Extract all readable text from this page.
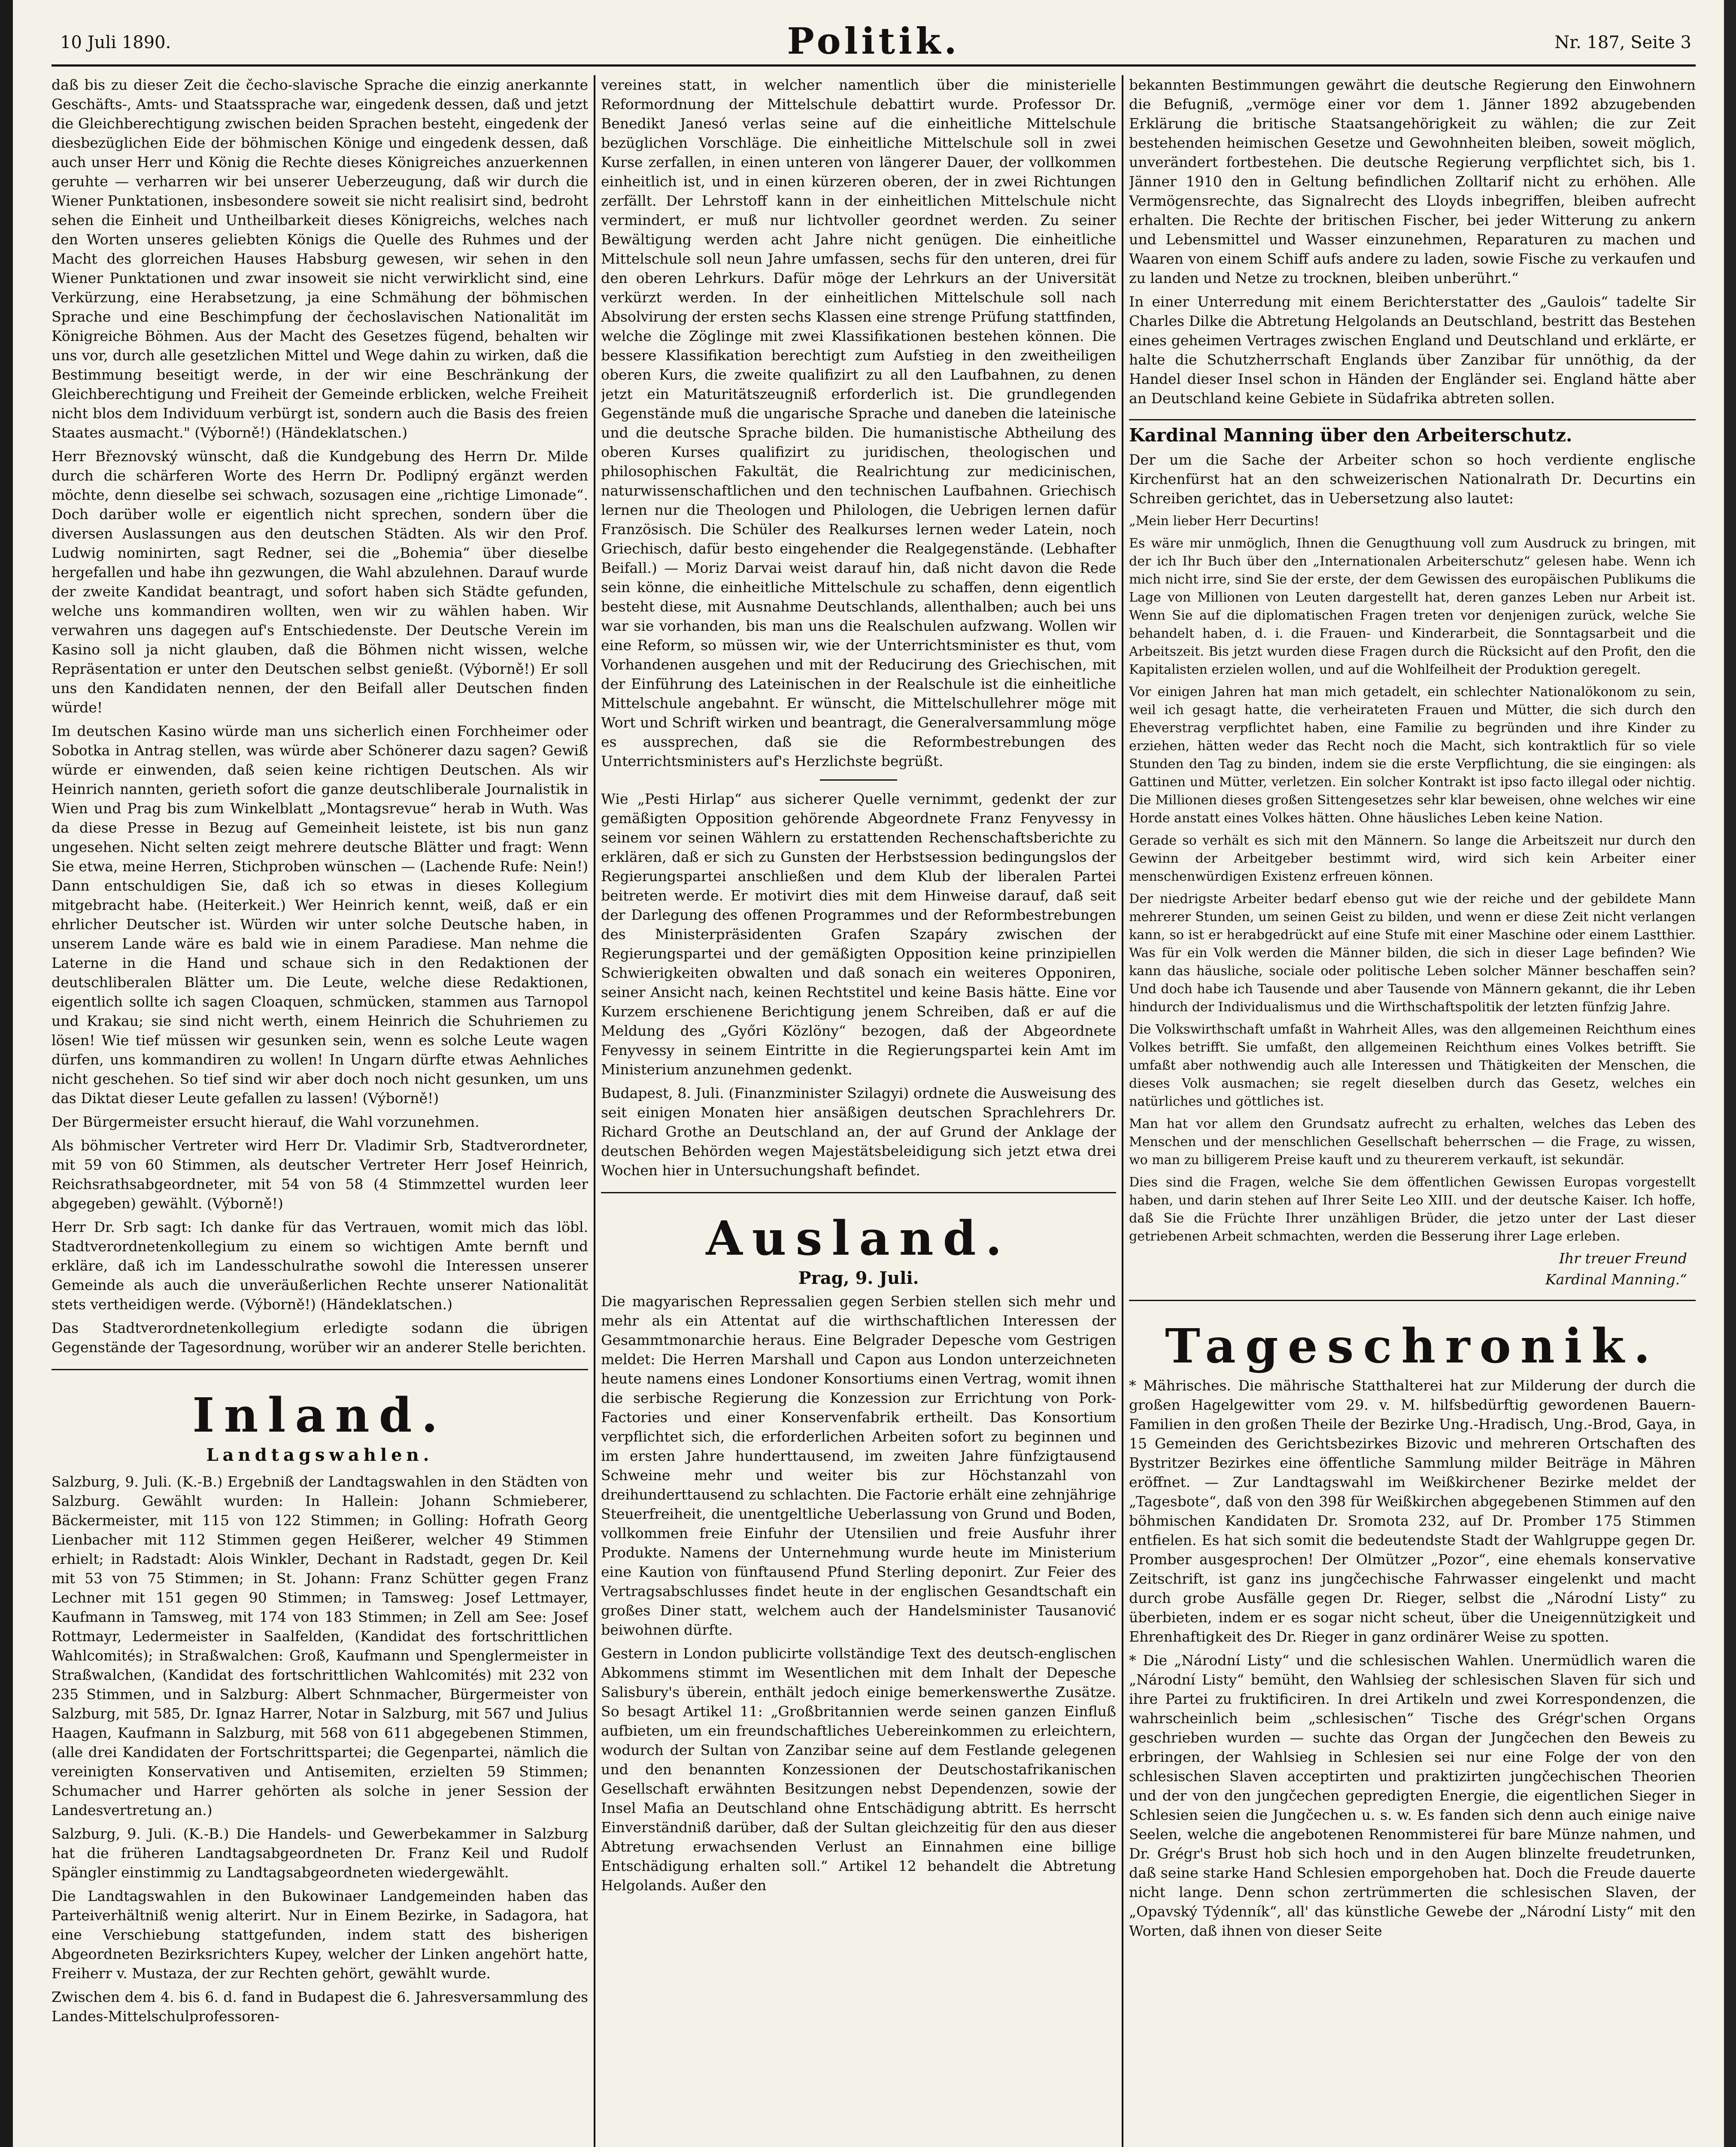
10 Juli 1890.	Politik.	Nr. 187, Seite 3

daß bis zu dieser Zeit die čecho-slavische Sprache die einzig anerkannte Geschäfts-, Amts- und Staatssprache war, eingedenk dessen, daß und jetzt die Gleichberechtigung zwischen beiden Sprachen besteht, eingedenk der diesbezüglichen Eide der böhmischen Könige und eingedenk dessen, daß auch unser Herr und König die Rechte dieses Königreiches anzuerkennen geruhte — verharren wir bei unserer Ueberzeugung, daß wir durch die Wiener Punktationen, insbesondere soweit sie nicht realisirt sind, bedroht sehen die Einheit und Untheilbarkeit dieses Königreichs, welches nach den Worten unseres geliebten Königs die Quelle des Ruhmes und der Macht des glorreichen Hauses Habsburg gewesen, wir sehen in den Wiener Punktationen und zwar insoweit sie nicht verwirklicht sind, eine Verkürzung, eine Herabsetzung, ja eine Schmähung der böhmischen Sprache und eine Beschimpfung der čechoslavischen Nationalität im Königreiche Böhmen. Aus der Macht des Gesetzes fügend, behalten wir uns vor, durch alle gesetzlichen Mittel und Wege dahin zu wirken, daß die Bestimmung beseitigt werde, in der wir eine Beschränkung der Gleichberechtigung und Freiheit der Gemeinde erblicken, welche Freiheit nicht blos dem Individuum verbürgt ist, sondern auch die Basis des freien Staates ausmacht." (Výborně!) (Händeklatschen.)

Herr Březnovský wünscht, daß die Kundgebung des Herrn Dr. Milde durch die schärferen Worte des Herrn Dr. Podlipný ergänzt werden möchte, denn dieselbe sei schwach, sozusagen eine „richtige Limonade“. Doch darüber wolle er eigentlich nicht sprechen, sondern über die diversen Auslassungen aus den deutschen Städten. Als wir den Prof. Ludwig nominirten, sagt Redner, sei die „Bohemia“ über dieselbe hergefallen und habe ihn gezwungen, die Wahl abzulehnen. Darauf wurde der zweite Kandidat beantragt, und sofort haben sich Städte gefunden, welche uns kommandiren wollten, wen wir zu wählen haben. Wir verwahren uns dagegen auf's Entschiedenste. Der Deutsche Verein im Kasino soll ja nicht glauben, daß die Böhmen nicht wissen, welche Repräsentation er unter den Deutschen selbst genießt. (Výborně!) Er soll uns den Kandidaten nennen, der den Beifall aller Deutschen finden würde!

Im deutschen Kasino würde man uns sicherlich einen Forchheimer oder Sobotka in Antrag stellen, was würde aber Schönerer dazu sagen? Gewiß würde er einwenden, daß seien keine richtigen Deutschen. Als wir Heinrich nannten, gerieth sofort die ganze deutschliberale Journalistik in Wien und Prag bis zum Winkelblatt „Montagsrevue“ herab in Wuth. Was da diese Presse in Bezug auf Gemeinheit leistete, ist bis nun ganz ungesehen. Nicht selten zeigt mehrere deutsche Blätter und fragt: Wenn Sie etwa, meine Herren, Stichproben wünschen — (Lachende Rufe: Nein!) Dann entschuldigen Sie, daß ich so etwas in dieses Kollegium mitgebracht habe. (Heiterkeit.) Wer Heinrich kennt, weiß, daß er ein ehrlicher Deutscher ist. Würden wir unter solche Deutsche haben, in unserem Lande wäre es bald wie in einem Paradiese. Man nehme die Laterne in die Hand und schaue sich in den Redaktionen der deutschliberalen Blätter um. Die Leute, welche diese Redaktionen, eigentlich sollte ich sagen Cloaquen, schmücken, stammen aus Tarnopol und Krakau; sie sind nicht werth, einem Heinrich die Schuhriemen zu lösen! Wie tief müssen wir gesunken sein, wenn es solche Leute wagen dürfen, uns kommandiren zu wollen! In Ungarn dürfte etwas Aehnliches nicht geschehen. So tief sind wir aber doch noch nicht gesunken, um uns das Diktat dieser Leute gefallen zu lassen! (Výborně!)

Der Bürgermeister ersucht hierauf, die Wahl vorzunehmen.

Als böhmischer Vertreter wird Herr Dr. Vladimir Srb, Stadtverordneter, mit 59 von 60 Stimmen, als deutscher Vertreter Herr Josef Heinrich, Reichsrathsabgeordneter, mit 54 von 58 (4 Stimmzettel wurden leer abgegeben) gewählt. (Výborně!)

Herr Dr. Srb sagt: Ich danke für das Vertrauen, womit mich das löbl. Stadtverordnetenkollegium zu einem so wichtigen Amte bernft und erkläre, daß ich im Landesschulrathe sowohl die Interessen unserer Gemeinde als auch die unveräußerlichen Rechte unserer Nationalität stets vertheidigen werde. (Výborně!) (Händeklatschen.)

Das Stadtverordnetenkollegium erledigte sodann die übrigen Gegenstände der Tagesordnung, worüber wir an anderer Stelle berichten.

Inland.
Landtagswahlen.

Salzburg, 9. Juli. (K.-B.) Ergebniß der Landtagswahlen in den Städten von Salzburg. Gewählt wurden: In Hallein: Johann Schmieberer, Bäckermeister, mit 115 von 122 Stimmen; in Golling: Hofrath Georg Lienbacher mit 112 Stimmen gegen Heißerer, welcher 49 Stimmen erhielt; in Radstadt: Alois Winkler, Dechant in Radstadt, gegen Dr. Keil mit 53 von 75 Stimmen; in St. Johann: Franz Schütter gegen Franz Lechner mit 151 gegen 90 Stimmen; in Tamsweg: Josef Lettmayer, Kaufmann in Tamsweg, mit 174 von 183 Stimmen; in Zell am See: Josef Rottmayr, Ledermeister in Saalfelden, (Kandidat des fortschrittlichen Wahlcomités); in Straßwalchen: Groß, Kaufmann und Spenglermeister in Straßwalchen, (Kandidat des fortschrittlichen Wahlcomités) mit 232 von 235 Stimmen, und in Salzburg: Albert Schnmacher, Bürgermeister von Salzburg, mit 585, Dr. Ignaz Harrer, Notar in Salzburg, mit 567 und Julius Haagen, Kaufmann in Salzburg, mit 568 von 611 abgegebenen Stimmen, (alle drei Kandidaten der Fortschrittspartei; die Gegenpartei, nämlich die vereinigten Konservativen und Antisemiten, erzielten 59 Stimmen; Schumacher und Harrer gehörten als solche in jener Session der Landesvertretung an.)

Salzburg, 9. Juli. (K.-B.) Die Handels- und Gewerbekammer in Salzburg hat die früheren Landtagsabgeordneten Dr. Franz Keil und Rudolf Spängler einstimmig zu Landtagsabgeordneten wiedergewählt.

Die Landtagswahlen in den Bukowinaer Landgemeinden haben das Parteiverhältniß wenig alterirt. Nur in Einem Bezirke, in Sadagora, hat eine Verschiebung stattgefunden, indem statt des bisherigen Abgeordneten Bezirksrichters Kupey, welcher der Linken angehört hatte, Freiherr v. Mustaza, der zur Rechten gehört, gewählt wurde.

Zwischen dem 4. bis 6. d. fand in Budapest die 6. Jahresversammlung des Landes-Mittelschulprofessoren-

vereines statt, in welcher namentlich über die ministerielle Reformordnung der Mittelschule debattirt wurde. Professor Dr. Benedikt Janesó verlas seine auf die einheitliche Mittelschule bezüglichen Vorschläge. Die einheitliche Mittelschule soll in zwei Kurse zerfallen, in einen unteren von längerer Dauer, der vollkommen einheitlich ist, und in einen kürzeren oberen, der in zwei Richtungen zerfällt. Der Lehrstoff kann in der einheitlichen Mittelschule nicht vermindert, er muß nur lichtvoller geordnet werden. Zu seiner Bewältigung werden acht Jahre nicht genügen. Die einheitliche Mittelschule soll neun Jahre umfassen, sechs für den unteren, drei für den oberen Lehrkurs. Dafür möge der Lehrkurs an der Universität verkürzt werden. In der einheitlichen Mittelschule soll nach Absolvirung der ersten sechs Klassen eine strenge Prüfung stattfinden, welche die Zöglinge mit zwei Klassifikationen bestehen können. Die bessere Klassifikation berechtigt zum Aufstieg in den zweitheiligen oberen Kurs, die zweite qualifizirt zu all den Laufbahnen, zu denen jetzt ein Maturitätszeugniß erforderlich ist. Die grundlegenden Gegenstände muß die ungarische Sprache und daneben die lateinische und die deutsche Sprache bilden. Die humanistische Abtheilung des oberen Kurses qualifizirt zu juridischen, theologischen und philosophischen Fakultät, die Realrichtung zur medicinischen, naturwissenschaftlichen und den technischen Laufbahnen. Griechisch lernen nur die Theologen und Philologen, die Uebrigen lernen dafür Französisch. Die Schüler des Realkurses lernen weder Latein, noch Griechisch, dafür besto eingehender die Realgegenstände. (Lebhafter Beifall.) — Moriz Darvai weist darauf hin, daß nicht davon die Rede sein könne, die einheitliche Mittelschule zu schaffen, denn eigentlich besteht diese, mit Ausnahme Deutschlands, allenthalben; auch bei uns war sie vorhanden, bis man uns die Realschulen aufzwang. Wollen wir eine Reform, so müssen wir, wie der Unterrichtsminister es thut, vom Vorhandenen ausgehen und mit der Reducirung des Griechischen, mit der Einführung des Lateinischen in der Realschule ist die einheitliche Mittelschule angebahnt. Er wünscht, die Mittelschullehrer möge mit Wort und Schrift wirken und beantragt, die Generalversammlung möge es aussprechen, daß sie die Reformbestrebungen des Unterrichtsministers auf's Herzlichste begrüßt.

Wie „Pesti Hirlap“ aus sicherer Quelle vernimmt, gedenkt der zur gemäßigten Opposition gehörende Abgeordnete Franz Fenyvessy in seinem vor seinen Wählern zu erstattenden Rechenschaftsberichte zu erklären, daß er sich zu Gunsten der Herbstsession bedingungslos der Regierungspartei anschließen und dem Klub der liberalen Partei beitreten werde. Er motivirt dies mit dem Hinweise darauf, daß seit der Darlegung des offenen Programmes und der Reformbestrebungen des Ministerpräsidenten Grafen Szapáry zwischen der Regierungspartei und der gemäßigten Opposition keine prinzipiellen Schwierigkeiten obwalten und daß sonach ein weiteres Opponiren, seiner Ansicht nach, keinen Rechtstitel und keine Basis hätte. Eine vor Kurzem erschienene Berichtigung jenem Schreiben, daß er auf die Meldung des „Győri Közlöny“ bezogen, daß der Abgeordnete Fenyvessy in seinem Eintritte in die Regierungspartei kein Amt im Ministerium anzunehmen gedenkt.

Budapest, 8. Juli. (Finanzminister Szilagyi) ordnete die Ausweisung des seit einigen Monaten hier ansäßigen deutschen Sprachlehrers Dr. Richard Grothe an Deutschland an, der auf Grund der Anklage der deutschen Behörden wegen Majestätsbeleidigung sich jetzt etwa drei Wochen hier in Untersuchungshaft befindet.

Ausland.
Prag, 9. Juli.

Die magyarischen Repressalien gegen Serbien stellen sich mehr und mehr als ein Attentat auf die wirthschaftlichen Interessen der Gesammtmonarchie heraus. Eine Belgrader Depesche vom Gestrigen meldet: Die Herren Marshall und Capon aus London unterzeichneten heute namens eines Londoner Konsortiums einen Vertrag, womit ihnen die serbische Regierung die Konzession zur Errichtung von Pork-Factories und einer Konservenfabrik ertheilt. Das Konsortium verpflichtet sich, die erforderlichen Arbeiten sofort zu beginnen und im ersten Jahre hunderttausend, im zweiten Jahre fünfzigtausend Schweine mehr und weiter bis zur Höchstanzahl von dreihunderttausend zu schlachten. Die Factorie erhält eine zehnjährige Steuerfreiheit, die unentgeltliche Ueberlassung von Grund und Boden, vollkommen freie Einfuhr der Utensilien und freie Ausfuhr ihrer Produkte. Namens der Unternehmung wurde heute im Ministerium eine Kaution von fünftausend Pfund Sterling deponirt. Zur Feier des Vertragsabschlusses findet heute in der englischen Gesandtschaft ein großes Diner statt, welchem auch der Handelsminister Tausanović beiwohnen dürfte.

Gestern in London publicirte vollständige Text des deutsch-englischen Abkommens stimmt im Wesentlichen mit dem Inhalt der Depesche Salisbury's überein, enthält jedoch einige bemerkenswerthe Zusätze. So besagt Artikel 11: „Großbritannien werde seinen ganzen Einfluß aufbieten, um ein freundschaftliches Uebereinkommen zu erleichtern, wodurch der Sultan von Zanzibar seine auf dem Festlande gelegenen und den benannten Konzessionen der Deutschostafrikanischen Gesellschaft erwähnten Besitzungen nebst Dependenzen, sowie der Insel Mafia an Deutschland ohne Entschädigung abtritt. Es herrscht Einverständniß darüber, daß der Sultan gleichzeitig für den aus dieser Abtretung erwachsenden Verlust an Einnahmen eine billige Entschädigung erhalten soll.“ Artikel 12 behandelt die Abtretung Helgolands. Außer den

bekannten Bestimmungen gewährt die deutsche Regierung den Einwohnern die Befugniß, „vermöge einer vor dem 1. Jänner 1892 abzugebenden Erklärung die britische Staatsangehörigkeit zu wählen; die zur Zeit bestehenden heimischen Gesetze und Gewohnheiten bleiben, soweit möglich, unverändert fortbestehen. Die deutsche Regierung verpflichtet sich, bis 1. Jänner 1910 den in Geltung befindlichen Zolltarif nicht zu erhöhen. Alle Vermögensrechte, das Signalrecht des Lloyds inbegriffen, bleiben aufrecht erhalten. Die Rechte der britischen Fischer, bei jeder Witterung zu ankern und Lebensmittel und Wasser einzunehmen, Reparaturen zu machen und Waaren von einem Schiff aufs andere zu laden, sowie Fische zu verkaufen und zu landen und Netze zu trocknen, bleiben unberührt.“

In einer Unterredung mit einem Berichterstatter des „Gaulois“ tadelte Sir Charles Dilke die Abtretung Helgolands an Deutschland, bestritt das Bestehen eines geheimen Vertrages zwischen England und Deutschland und erklärte, er halte die Schutzherrschaft Englands über Zanzibar für unnöthig, da der Handel dieser Insel schon in Händen der Engländer sei. England hätte aber an Deutschland keine Gebiete in Südafrika abtreten sollen.

Kardinal Manning über den Arbeiterschutz.

Der um die Sache der Arbeiter schon so hoch verdiente englische Kirchenfürst hat an den schweizerischen Nationalrath Dr. Decurtins ein Schreiben gerichtet, das in Uebersetzung also lautet:

„Mein lieber Herr Decurtins!

Es wäre mir unmöglich, Ihnen die Genugthuung voll zum Ausdruck zu bringen, mit der ich Ihr Buch über den „Internationalen Arbeiterschutz“ gelesen habe. Wenn ich mich nicht irre, sind Sie der erste, der dem Gewissen des europäischen Publikums die Lage von Millionen von Leuten dargestellt hat, deren ganzes Leben nur Arbeit ist. Wenn Sie auf die diplomatischen Fragen treten vor denjenigen zurück, welche Sie behandelt haben, d. i. die Frauen- und Kinderarbeit, die Sonntagsarbeit und die Arbeitszeit. Bis jetzt wurden diese Fragen durch die Rücksicht auf den Profit, den die Kapitalisten erzielen wollen, und auf die Wohlfeilheit der Produktion geregelt.

Vor einigen Jahren hat man mich getadelt, ein schlechter Nationalökonom zu sein, weil ich gesagt hatte, die verheirateten Frauen und Mütter, die sich durch den Eheverstrag verpflichtet haben, eine Familie zu begründen und ihre Kinder zu erziehen, hätten weder das Recht noch die Macht, sich kontraktlich für so viele Stunden den Tag zu binden, indem sie die erste Verpflichtung, die sie eingingen: als Gattinen und Mütter, verletzen. Ein solcher Kontrakt ist ipso facto illegal oder nichtig. Die Millionen dieses großen Sittengesetzes sehr klar beweisen, ohne welches wir eine Horde anstatt eines Volkes hätten. Ohne häusliches Leben keine Nation.

Gerade so verhält es sich mit den Männern. So lange die Arbeitszeit nur durch den Gewinn der Arbeitgeber bestimmt wird, wird sich kein Arbeiter einer menschenwürdigen Existenz erfreuen können.

Der niedrigste Arbeiter bedarf ebenso gut wie der reiche und der gebildete Mann mehrerer Stunden, um seinen Geist zu bilden, und wenn er diese Zeit nicht verlangen kann, so ist er herabgedrückt auf eine Stufe mit einer Maschine oder einem Lastthier. Was für ein Volk werden die Männer bilden, die sich in dieser Lage befinden? Wie kann das häusliche, sociale oder politische Leben solcher Männer beschaffen sein? Und doch habe ich Tausende und aber Tausende von Männern gekannt, die ihr Leben hindurch der Individualismus und die Wirthschaftspolitik der letzten fünfzig Jahre.

Die Volkswirthschaft umfaßt in Wahrheit Alles, was den allgemeinen Reichthum eines Volkes betrifft. Sie umfaßt, den allgemeinen Reichthum eines Volkes betrifft. Sie umfaßt aber nothwendig auch alle Interessen und Thätigkeiten der Menschen, die dieses Volk ausmachen; sie regelt dieselben durch das Gesetz, welches ein natürliches und göttliches ist.

Man hat vor allem den Grundsatz aufrecht zu erhalten, welches das Leben des Menschen und der menschlichen Gesellschaft beherrschen — die Frage, zu wissen, wo man zu billigerem Preise kauft und zu theurerem verkauft, ist sekundär.

Dies sind die Fragen, welche Sie dem öffentlichen Gewissen Europas vorgestellt haben, und darin stehen auf Ihrer Seite Leo XIII. und der deutsche Kaiser. Ich hoffe, daß Sie die Früchte Ihrer unzähligen Brüder, die jetzo unter der Last dieser getriebenen Arbeit schmachten, werden die Besserung ihrer Lage erleben.

Ihr treuer Freund
Kardinal Manning.“
Tageschronik.

* Mährisches. Die mährische Statthalterei hat zur Milderung der durch die großen Hagelgewitter vom 29. v. M. hilfsbedürftig gewordenen Bauern-Familien in den großen Theile der Bezirke Ung.-Hradisch, Ung.-Brod, Gaya, in 15 Gemeinden des Gerichtsbezirkes Bizovic und mehreren Ortschaften des Bystritzer Bezirkes eine öffentliche Sammlung milder Beiträge in Mähren eröffnet. — Zur Landtagswahl im Weißkirchener Bezirke meldet der „Tagesbote“, daß von den 398 für Weißkirchen abgegebenen Stimmen auf den böhmischen Kandidaten Dr. Sromota 232, auf Dr. Promber 175 Stimmen entfielen. Es hat sich somit die bedeutendste Stadt der Wahlgruppe gegen Dr. Promber ausgesprochen! Der Olmützer „Pozor“, eine ehemals konservative Zeitschrift, ist ganz ins jungčechische Fahrwasser eingelenkt und macht durch grobe Ausfälle gegen Dr. Rieger, selbst die „Národní Listy“ zu überbieten, indem er es sogar nicht scheut, über die Uneigennützigkeit und Ehrenhaftigkeit des Dr. Rieger in ganz ordinärer Weise zu spotten.

* Die „Národní Listy“ und die schlesischen Wahlen. Unermüdlich waren die „Národní Listy“ bemüht, den Wahlsieg der schlesischen Slaven für sich und ihre Partei zu fruktificiren. In drei Artikeln und zwei Korrespondenzen, die wahrscheinlich beim „schlesischen“ Tische des Grégr'schen Organs geschrieben wurden — suchte das Organ der Jungčechen den Beweis zu erbringen, der Wahlsieg in Schlesien sei nur eine Folge der von den schlesischen Slaven acceptirten und praktizirten jungčechischen Theorien und der von den jungčechen gepredigten Energie, die eigentlichen Sieger in Schlesien seien die Jungčechen u. s. w. Es fanden sich denn auch einige naive Seelen, welche die angebotenen Renommisterei für bare Münze nahmen, und Dr. Grégr's Brust hob sich hoch und in den Augen blinzelte freudetrunken, daß seine starke Hand Schlesien emporgehoben hat. Doch die Freude dauerte nicht lange. Denn schon zertrümmerten die schlesischen Slaven, der „Opavský Týdenník“, all' das künstliche Gewebe der „Národní Listy“ mit den Worten, daß ihnen von dieser Seite
